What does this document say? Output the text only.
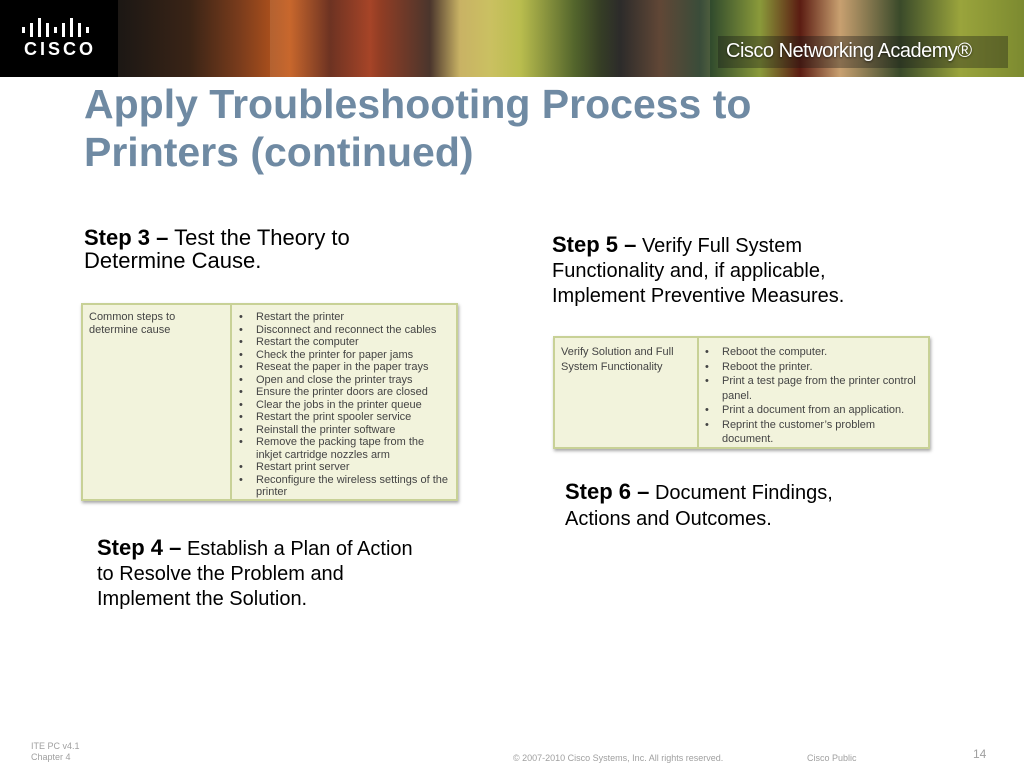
CISCO	Cisco Networking Academy®
Apply Troubleshooting Process to
Printers (continued)
Step 3 – Test the Theory to
Determine Cause.
Common steps to
determine cause	
• Restart the printer
• Disconnect and reconnect the cables
• Restart the computer
• Check the printer for paper jams
• Reseat the paper in the paper trays
• Open and close the printer trays
• Ensure the printer doors are closed
• Clear the jobs in the printer queue
• Restart the print spooler service
• Reinstall the printer software
• Remove the packing tape from the inkjet cartridge nozzles arm
• Restart print server
• Reconfigure the wireless settings of the printer
Step 4 – Establish a Plan of Action
to Resolve the Problem and
Implement the Solution.
Step 5 – Verify Full System
Functionality and, if applicable,
Implement Preventive Measures.
Verify Solution and Full
System Functionality	
• Reboot the computer.
• Reboot the printer.
• Print a test page from the printer control panel.
• Print a document from an application.
• Reprint the customer’s problem document.
Step 6 – Document Findings,
Actions and Outcomes.
ITE PC v4.1
Chapter 4	© 2007-2010 Cisco Systems, Inc. All rights reserved.	Cisco Public	14
